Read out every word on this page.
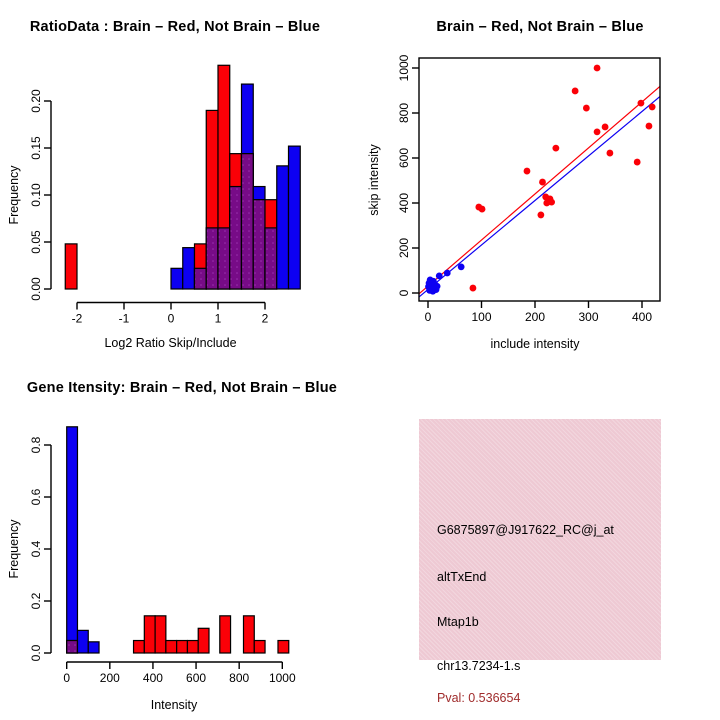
RatioData : Brain – Red, Not Brain – Blue
-2	-1	0	1	2
0.00
0.05
0.10
0.15
0.20
Log2 Ratio Skip/Include
Frequency
Brain – Red, Not Brain – Blue
0	100	200	300	400
0
200
400
600
800
1000
include intensity
skip intensity
Gene Itensity: Brain – Red, Not Brain – Blue
0 200 400 600 800 1000
0.0
0.2
0.4
0.6
0.8
Intensity
Frequency	G6875897@J917622_RC@j_at
altTxEnd
Mtap1b
chr13.7234-1.s
Pval: 0.536654
